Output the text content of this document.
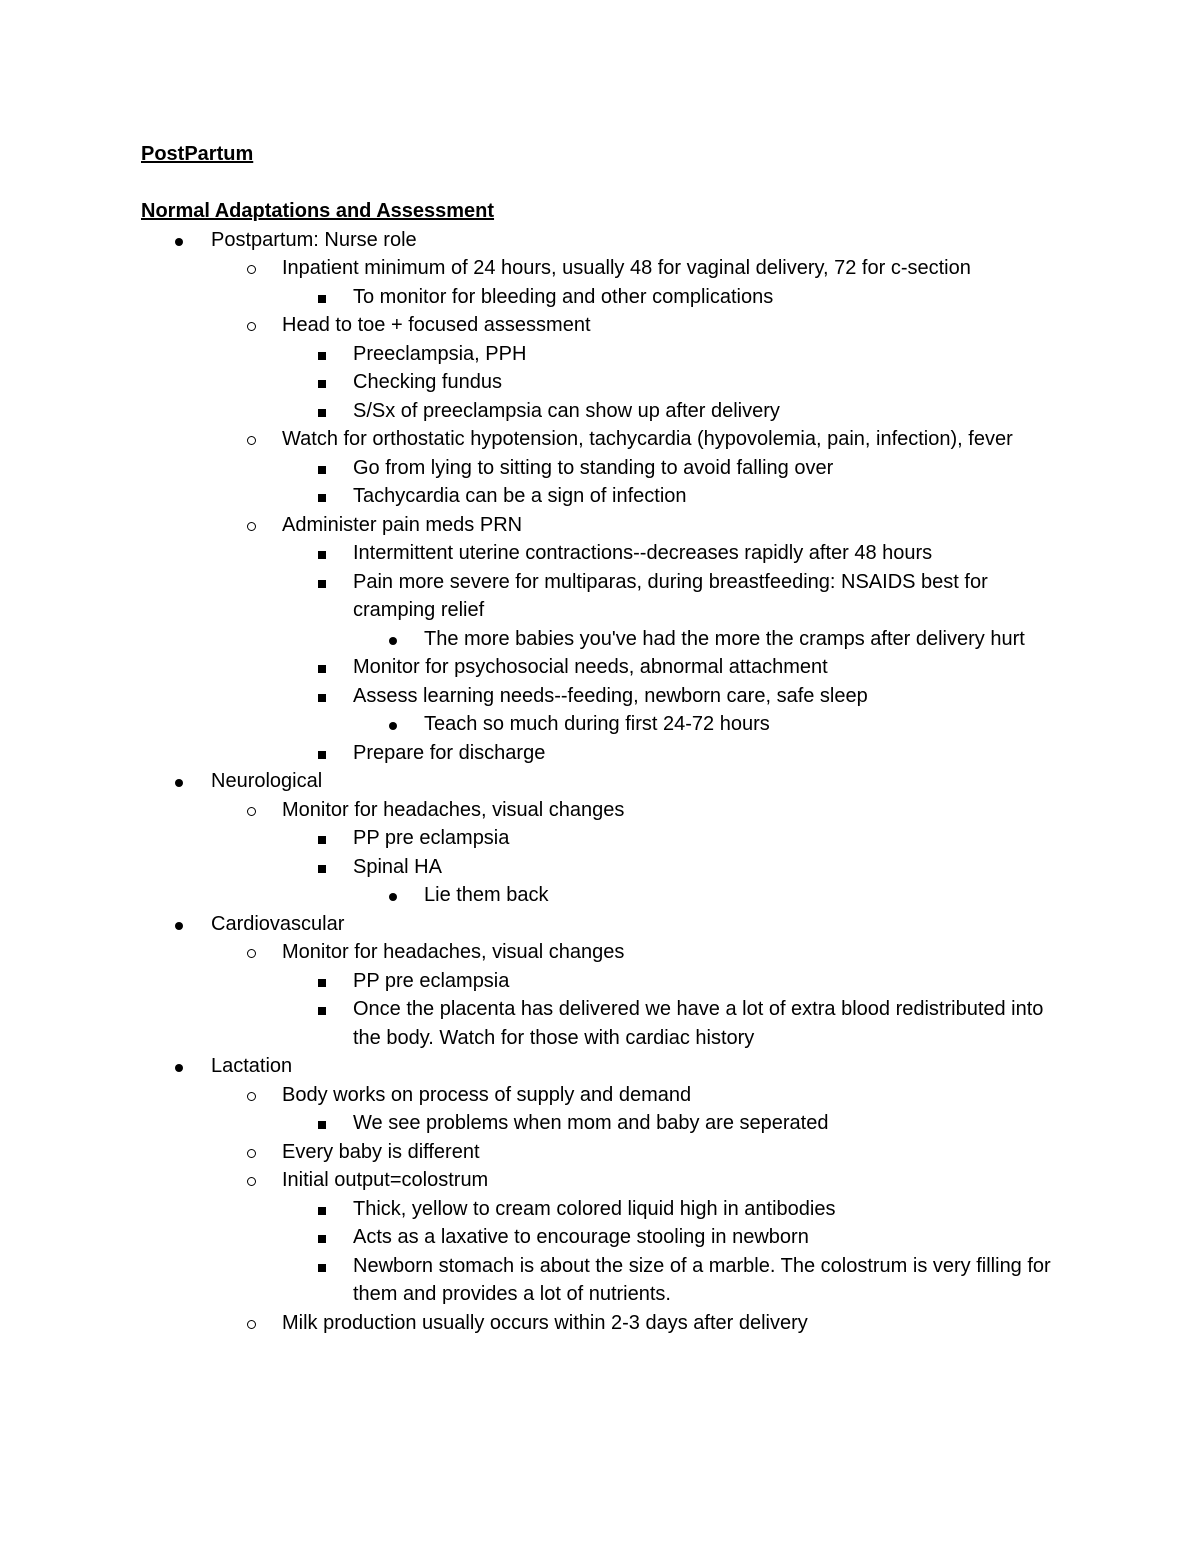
PostPartum
Normal Adaptations and Assessment
Postpartum: Nurse role
Inpatient minimum of 24 hours, usually 48 for vaginal delivery, 72 for c-section
To monitor for bleeding and other complications
Head to toe + focused assessment
Preeclampsia, PPH
Checking fundus
S/Sx of preeclampsia can show up after delivery
Watch for orthostatic hypotension, tachycardia (hypovolemia, pain, infection), fever
Go from lying to sitting to standing to avoid falling over
Tachycardia can be a sign of infection
Administer pain meds PRN
Intermittent uterine contractions--decreases rapidly after 48 hours
Pain more severe for multiparas, during breastfeeding: NSAIDS best for cramping relief
The more babies you've had the more the cramps after delivery hurt
Monitor for psychosocial needs, abnormal attachment
Assess learning needs--feeding, newborn care, safe sleep
Teach so much during first 24-72 hours
Prepare for discharge
Neurological
Monitor for headaches, visual changes
PP pre eclampsia
Spinal HA
Lie them back
Cardiovascular
Monitor for headaches, visual changes
PP pre eclampsia
Once the placenta has delivered we have a lot of extra blood redistributed into the body. Watch for those with cardiac history
Lactation
Body works on process of supply and demand
We see problems when mom and baby are seperated
Every baby is different
Initial output=colostrum
Thick, yellow to cream colored liquid high in antibodies
Acts as a laxative to encourage stooling in newborn
Newborn stomach is about the size of a marble. The colostrum is very filling for them and provides a lot of nutrients.
Milk production usually occurs within 2-3 days after delivery
